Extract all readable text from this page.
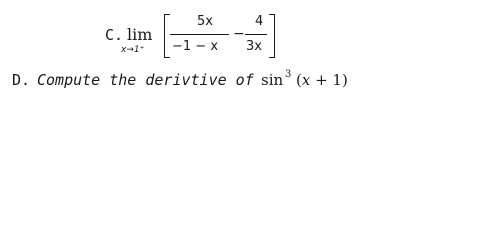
C. lim
x→1⁺
5x
−1 − x
−
4
3x
D. Compute the derivtive of sin 3 (x + 1)
